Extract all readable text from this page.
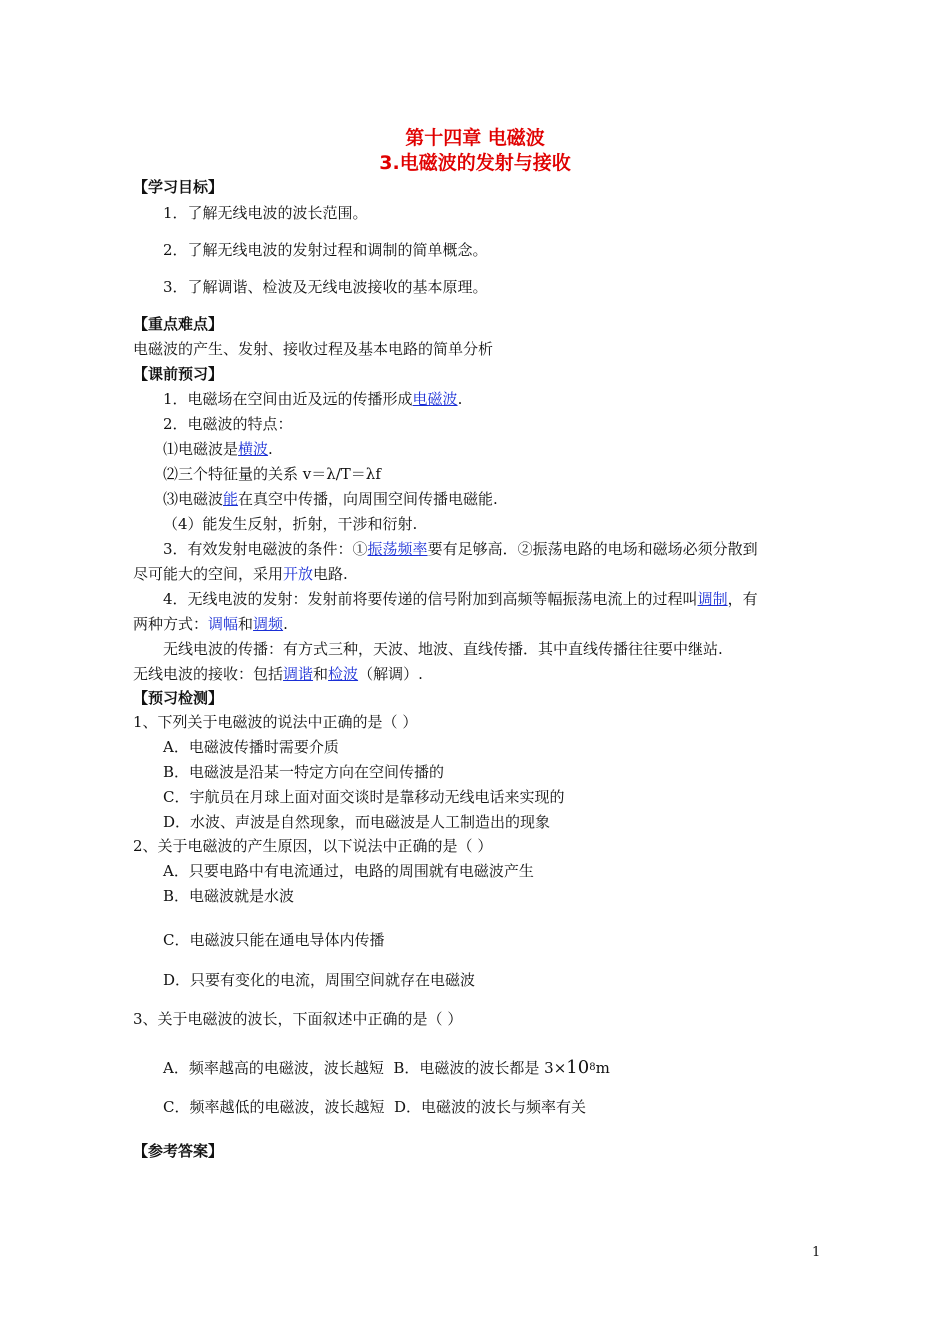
第十四章 电磁波
3.电磁波的发射与接收
【学习目标】
1．了解无线电波的波长范围。
2．了解无线电波的发射过程和调制的简单概念。
3．了解调谐、检波及无线电波接收的基本原理。
【重点难点】
电磁波的产生、发射、接收过程及基本电路的简单分析
【课前预习】
1．电磁场在空间由近及远的传播形成电磁波.
2．电磁波的特点：
⑴电磁波是横波.
⑵三个特征量的关系 v＝λ/T＝λf
⑶电磁波能在真空中传播，向周围空间传播电磁能.
（4）能发生反射，折射，干涉和衍射.
3．有效发射电磁波的条件：①振荡频率要有足够高．②振荡电路的电场和磁场必须分散到
尽可能大的空间，采用开放电路.
4．无线电波的发射：发射前将要传递的信号附加到高频等幅振荡电流上的过程叫调制，有
两种方式：调幅和调频.
无线电波的传播：有方式三种，天波、地波、直线传播．其中直线传播往往要中继站.
无线电波的接收：包括调谐和检波（解调）.
【预习检测】
1、下列关于电磁波的说法中正确的是（ ）
A．电磁波传播时需要介质
B．电磁波是沿某一特定方向在空间传播的
C．宇航员在月球上面对面交谈时是靠移动无线电话来实现的
D．水波、声波是自然现象，而电磁波是人工制造出的现象
2、关于电磁波的产生原因，以下说法中正确的是（ ）
A．只要电路中有电流通过，电路的周围就有电磁波产生
B．电磁波就是水波
C．电磁波只能在通电导体内传播
D．只要有变化的电流，周围空间就存在电磁波
3、关于电磁波的波长，下面叙述中正确的是（ ）
A．频率越高的电磁波，波长越短 B．电磁波的波长都是 $3\times 10^8m$
C．频率越低的电磁波，波长越短 D．电磁波的波长与频率有关
【参考答案】
1
